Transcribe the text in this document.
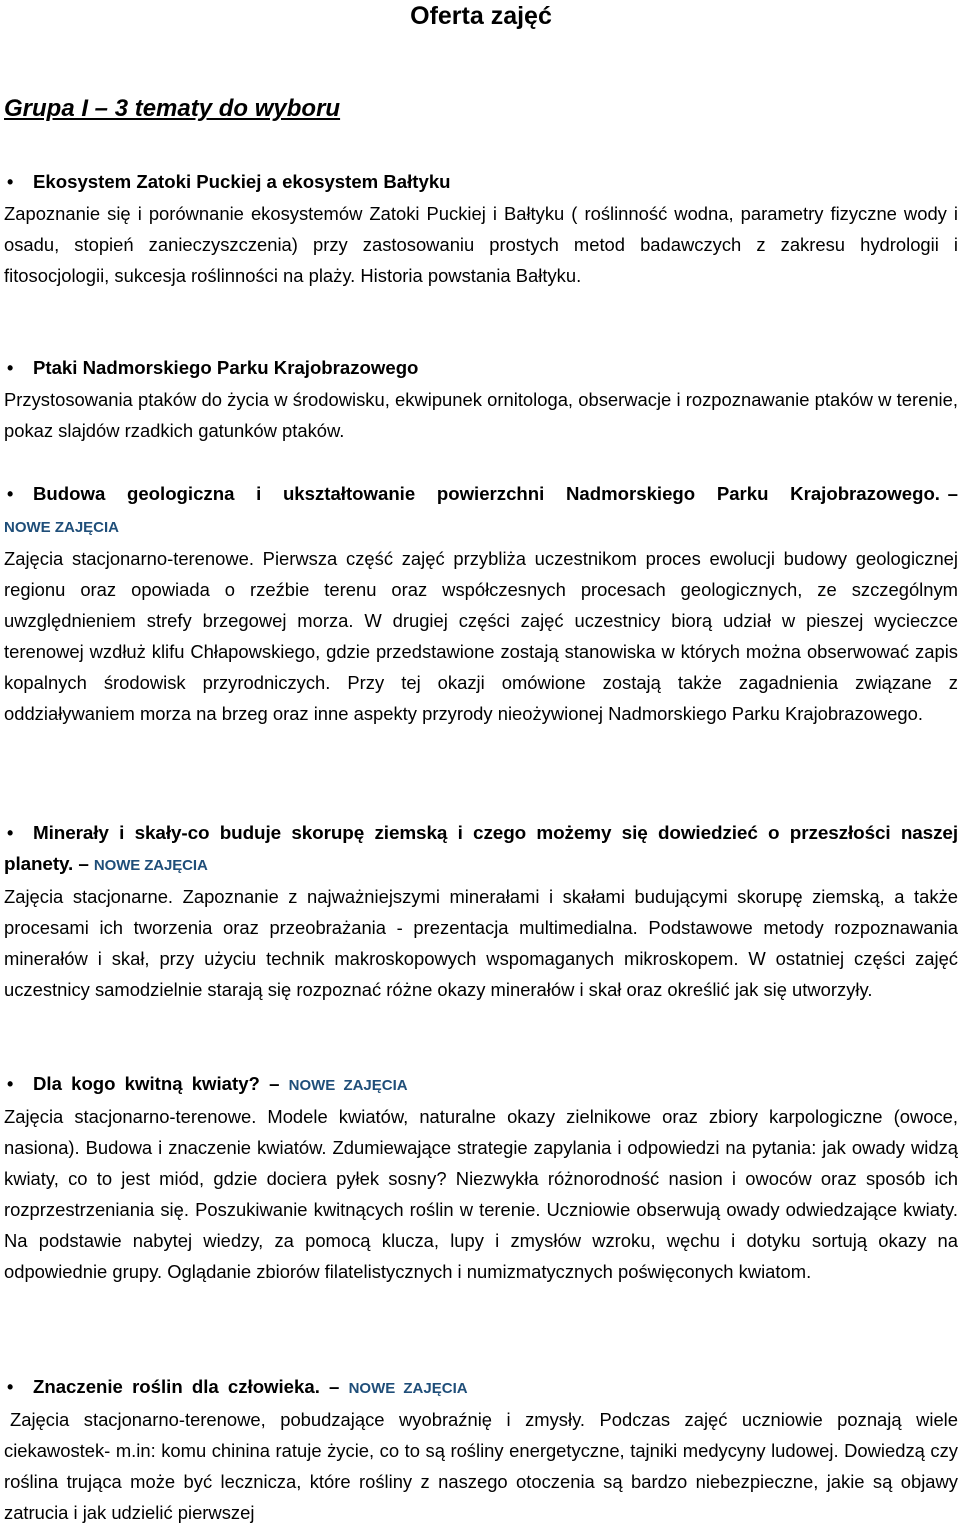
Oferta zajęć
Grupa I – 3 tematy do wyboru

•Ekosystem Zatoki Puckiej a ekosystem Bałtyku

Zapoznanie się i porównanie ekosystemów Zatoki Puckiej i Bałtyku ( roślinność wodna, parametry fizyczne wody i osadu, stopień zanieczyszczenia) przy zastosowaniu prostych metod badawczych z zakresu hydrologii i fitosocjologii, sukcesja roślinności na plaży. Historia powstania Bałtyku.

•Ptaki Nadmorskiego Parku Krajobrazowego

Przystosowania ptaków do życia w środowisku, ekwipunek ornitologa, obserwacje i rozpoznawanie ptaków w terenie, pokaz slajdów rzadkich gatunków ptaków.

•Budowa geologiczna i ukształtowanie powierzchni Nadmorskiego Parku Krajobrazowego. – NOWE ZAJĘCIA

Zajęcia stacjonarno-terenowe. Pierwsza część zajęć przybliża uczestnikom proces ewolucji budowy geologicznej regionu oraz opowiada o rzeźbie terenu oraz współczesnych procesach geologicznych, ze szczególnym uwzględnieniem strefy brzegowej morza. W drugiej części zajęć uczestnicy biorą udział w pieszej wycieczce terenowej wzdłuż klifu Chłapowskiego, gdzie przedstawione zostają stanowiska w których można obserwować zapis kopalnych środowisk przyrodniczych. Przy tej okazji omówione zostają także zagadnienia związane z oddziaływaniem morza na brzeg oraz inne aspekty przyrody nieożywionej Nadmorskiego Parku Krajobrazowego.

•Minerały i skały-co buduje skorupę ziemską i czego możemy się dowiedzieć o przeszłości naszej planety. – NOWE ZAJĘCIA

Zajęcia stacjonarne. Zapoznanie z najważniejszymi minerałami i skałami budującymi skorupę ziemską, a także procesami ich tworzenia oraz przeobrażania - prezentacja multimedialna. Podstawowe metody rozpoznawania minerałów i skał, przy użyciu technik makroskopowych wspomaganych mikroskopem. W ostatniej części zajęć uczestnicy samodzielnie starają się rozpoznać różne okazy minerałów i skał oraz określić jak się utworzyły.

•Dla kogo kwitną kwiaty? – NOWE ZAJĘCIA

Zajęcia stacjonarno-terenowe. Modele kwiatów, naturalne okazy zielnikowe oraz zbiory karpologiczne (owoce, nasiona). Budowa i znaczenie kwiatów. Zdumiewające strategie zapylania i odpowiedzi na pytania: jak owady widzą kwiaty, co to jest miód, gdzie dociera pyłek sosny? Niezwykła różnorodność nasion i owoców oraz sposób ich rozprzestrzeniania się. Poszukiwanie kwitnących roślin w terenie. Uczniowie obserwują owady odwiedzające kwiaty. Na podstawie nabytej wiedzy, za pomocą klucza, lupy i zmysłów wzroku, węchu i dotyku sortują okazy na odpowiednie grupy. Oglądanie zbiorów filatelistycznych i numizmatycznych poświęconych kwiatom.

•Znaczenie roślin dla człowieka. – NOWE ZAJĘCIA

Zajęcia stacjonarno-terenowe, pobudzające wyobraźnię i zmysły. Podczas zajęć uczniowie poznają wiele ciekawostek- m.in: komu chinina ratuje życie, co to są rośliny energetyczne, tajniki medycyny ludowej. Dowiedzą czy roślina trująca może być lecznicza, które rośliny z naszego otoczenia są bardzo niebezpieczne, jakie są objawy zatrucia i jak udzielić pierwszej
